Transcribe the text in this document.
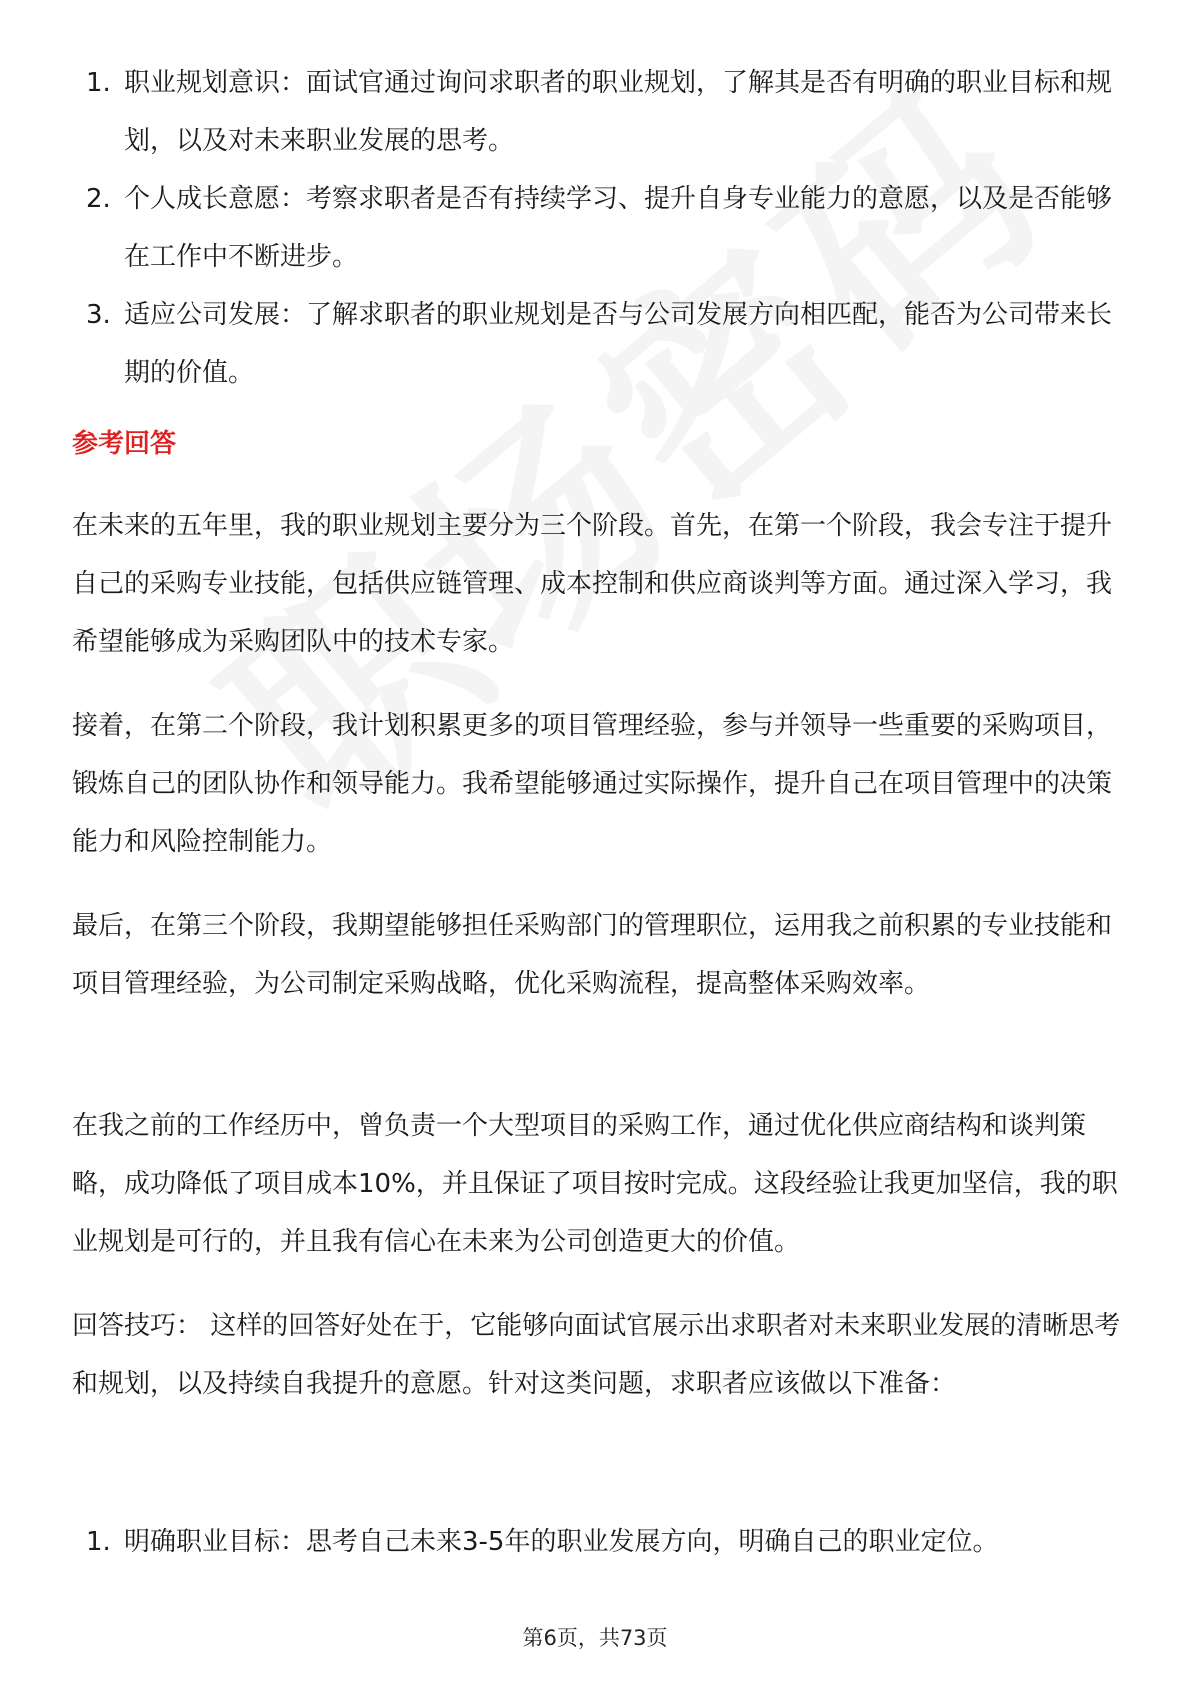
1. 职业规划意识：面试官通过询问求职者的职业规划，了解其是否有明确的职业目标和规划，以及对未来职业发展的思考。
2. 个人成长意愿：考察求职者是否有持续学习、提升自身专业能力的意愿，以及是否能够在工作中不断进步。
3. 适应公司发展：了解求职者的职业规划是否与公司发展方向相匹配，能否为公司带来长期的价值。
参考回答

在未来的五年里，我的职业规划主要分为三个阶段。首先，在第一个阶段，我会专注于提升自己的采购专业技能，包括供应链管理、成本控制和供应商谈判等方面。通过深入学习，我希望能够成为采购团队中的技术专家。

接着，在第二个阶段，我计划积累更多的项目管理经验，参与并领导一些重要的采购项目，锻炼自己的团队协作和领导能力。我希望能够通过实际操作，提升自己在项目管理中的决策能力和风险控制能力。

最后，在第三个阶段，我期望能够担任采购部门的管理职位，运用我之前积累的专业技能和项目管理经验，为公司制定采购战略，优化采购流程，提高整体采购效率。

在我之前的工作经历中，曾负责一个大型项目的采购工作，通过优化供应商结构和谈判策略，成功降低了项目成本10%，并且保证了项目按时完成。这段经验让我更加坚信，我的职业规划是可行的，并且我有信心在未来为公司创造更大的价值。

回答技巧： 这样的回答好处在于，它能够向面试官展示出求职者对未来职业发展的清晰思考和规划，以及持续自我提升的意愿。针对这类问题，求职者应该做以下准备：

1. 明确职业目标：思考自己未来3-5年的职业发展方向，明确自己的职业定位。
第6页，共73页
